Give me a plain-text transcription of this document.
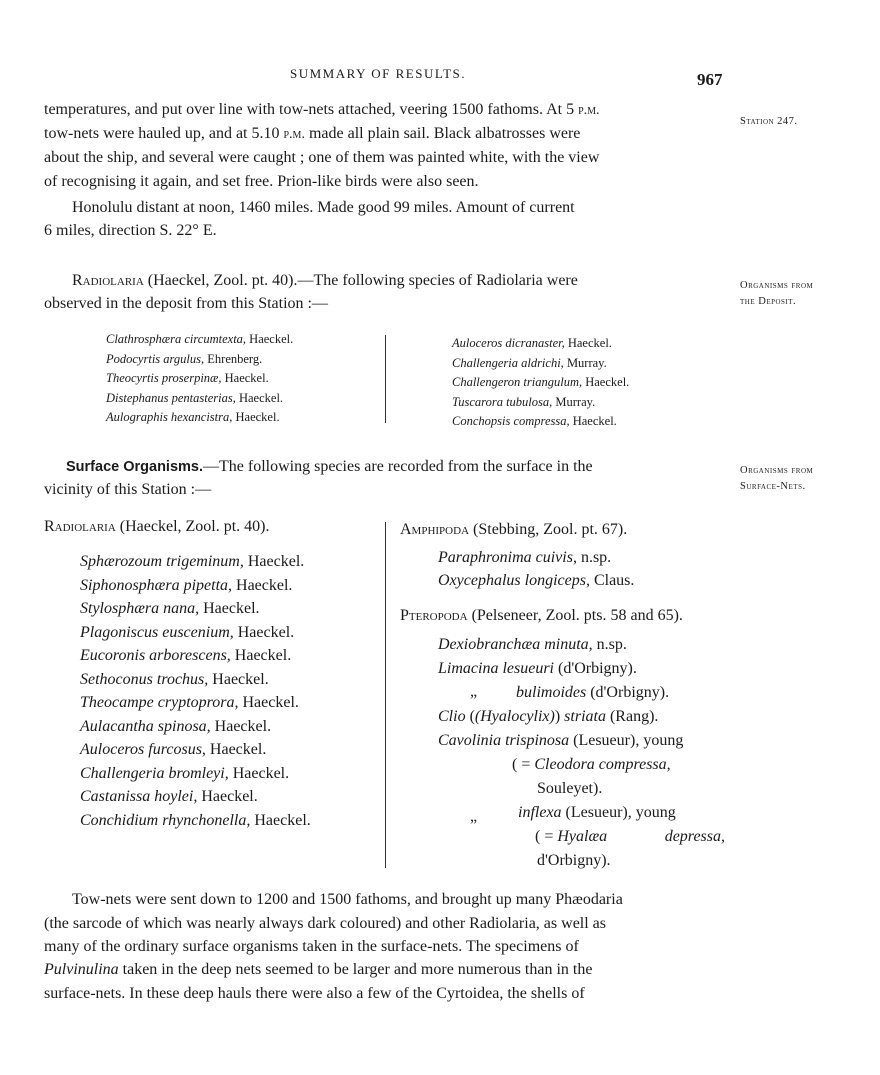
SUMMARY OF RESULTS.	967
temperatures, and put over line with tow-nets attached, veering 1500 fathoms. At 5 p.m.
tow-nets were hauled up, and at 5.10 p.m. made all plain sail. Black albatrosses were
about the ship, and several were caught ; one of them was painted white, with the view
of recognising it again, and set free. Prion-like birds were also seen.
Honolulu distant at noon, 1460 miles. Made good 99 miles. Amount of current
6 miles, direction S. 22° E.
Station 247.
Organisms from
the Deposit.
Organisms from
Surface-Nets.
Radiolaria (Haeckel, Zool. pt. 40).—The following species of Radiolaria were
observed in the deposit from this Station :—
Clathrosphæra circumtexta, Haeckel.
Podocyrtis argulus, Ehrenberg.
Theocyrtis proserpinæ, Haeckel.
Distephanus pentasterias, Haeckel.
Aulographis hexancistra, Haeckel.
Auloceros dicranaster, Haeckel.
Challengeria aldrichi, Murray.
Challengeron triangulum, Haeckel.
Tuscarora tubulosa, Murray.
Conchopsis compressa, Haeckel.
Surface Organisms.—The following species are recorded from the surface in the
vicinity of this Station :—
Radiolaria (Haeckel, Zool. pt. 40).
Sphærozoum trigeminum, Haeckel.
Siphonosphæra pipetta, Haeckel.
Stylosphæra nana, Haeckel.
Plagoniscus euscenium, Haeckel.
Eucoronis arborescens, Haeckel.
Sethoconus trochus, Haeckel.
Theocampe cryptoprora, Haeckel.
Aulacantha spinosa, Haeckel.
Auloceros furcosus, Haeckel.
Challengeria bromleyi, Haeckel.
Castanissa hoylei, Haeckel.
Conchidium rhynchonella, Haeckel.
Amphipoda (Stebbing, Zool. pt. 67).
Paraphronima cuivis, n.sp.
Oxycephalus longiceps, Claus.
Pteropoda (Pelseneer, Zool. pts. 58 and 65).
Dexiobranchæa minuta, n.sp.
Limacina lesueuri (d'Orbigny).
„ bulimoides (d'Orbigny).
Clio ((Hyalocylix)) striata (Rang).
Cavolinia trispinosa (Lesueur), young
( = Cleodora compressa,
Souleyet).
„	inflexa (Lesueur), young
( = Hyalæa	depressa,
d'Orbigny).
Tow-nets were sent down to 1200 and 1500 fathoms, and brought up many Phæodaria
(the sarcode of which was nearly always dark coloured) and other Radiolaria, as well as
many of the ordinary surface organisms taken in the surface-nets. The specimens of
Pulvinulina taken in the deep nets seemed to be larger and more numerous than in the
surface-nets. In these deep hauls there were also a few of the Cyrtoidea, the shells of
